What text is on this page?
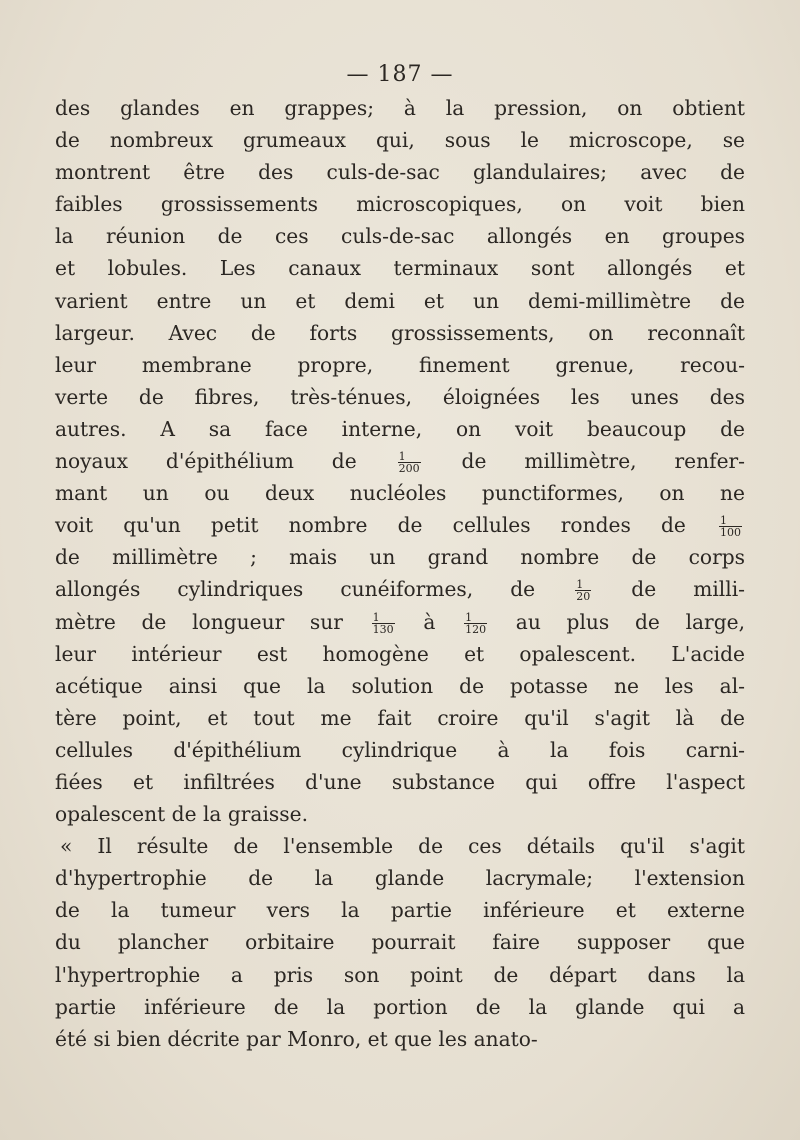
— 187 —
des glandes en grappes; à la pression, on obtient
de nombreux grumeaux qui, sous le microscope, se
montrent être des culs-de-sac glandulaires; avec de
faibles grossissements microscopiques, on voit bien
la réunion de ces culs-de-sac allongés en groupes
et lobules. Les canaux terminaux sont allongés et
varient entre un et demi et un demi-millimètre de
largeur. Avec de forts grossissements, on reconnaît
leur membrane propre, finement grenue, recou-
verte de fibres, très-ténues, éloignées les unes des
autres. A sa face interne, on voit beaucoup de
noyaux d'épithélium de $\frac{1}{200}$ de millimètre, renfer-
mant un ou deux nucléoles punctiformes, on ne
voit qu'un petit nombre de cellules rondes de $\frac{1}{100}$
de millimètre ; mais un grand nombre de corps
allongés cylindriques cunéiformes, de $\frac{1}{20}$ de milli-
mètre de longueur sur $\frac{1}{130}$ à $\frac{1}{120}$ au plus de large,
leur intérieur est homogène et opalescent. L'acide
acétique ainsi que la solution de potasse ne les al-
tère point, et tout me fait croire qu'il s'agit là de
cellules d'épithélium cylindrique à la fois carni-
fiées et infiltrées d'une substance qui offre l'aspect
opalescent de la graisse.
« Il résulte de l'ensemble de ces détails qu'il s'agit
d'hypertrophie de la glande lacrymale; l'extension
de la tumeur vers la partie inférieure et externe
du plancher orbitaire pourrait faire supposer que
l'hypertrophie a pris son point de départ dans la
partie inférieure de la portion de la glande qui a
été si bien décrite par Monro, et que les anato-
